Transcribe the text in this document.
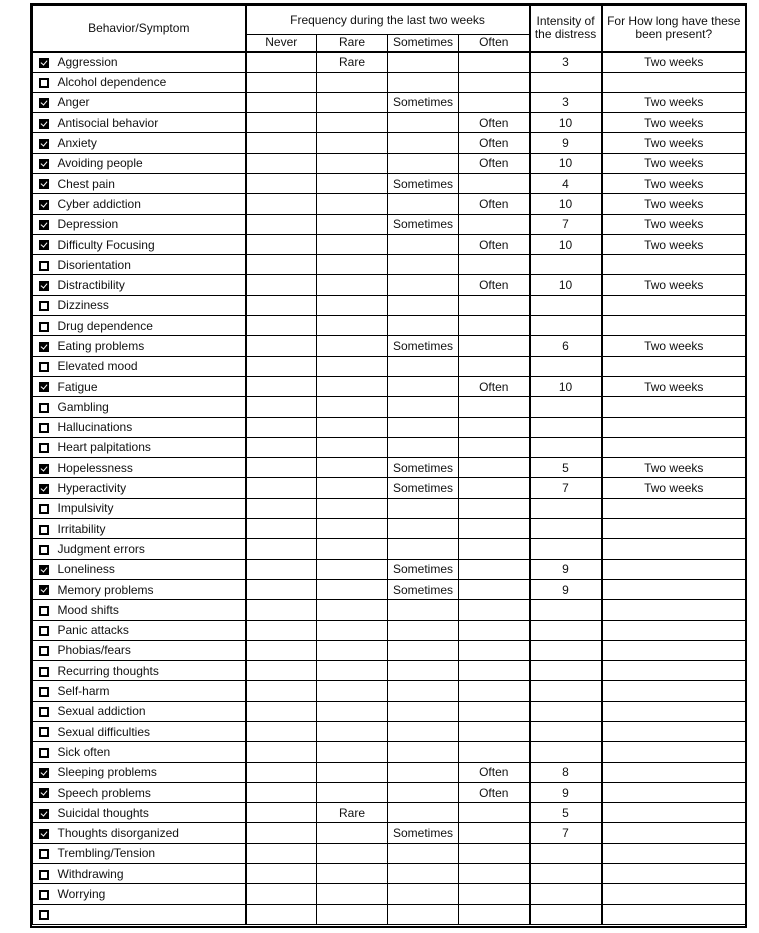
Behavior/Symptom		Frequency during the last two weeks				Intensity of the distress	For How long have these been present?
		Never	Rare	Sometimes	Often		
	Aggression		Rare			3	Two weeks
	Alcohol dependence						
	Anger			Sometimes		3	Two weeks
	Antisocial behavior				Often	10	Two weeks
	Anxiety				Often	9	Two weeks
	Avoiding people				Often	10	Two weeks
	Chest pain			Sometimes		4	Two weeks
	Cyber addiction				Often	10	Two weeks
	Depression			Sometimes		7	Two weeks
	Difficulty Focusing				Often	10	Two weeks
	Disorientation						
	Distractibility				Often	10	Two weeks
	Dizziness						
	Drug dependence						
	Eating problems			Sometimes		6	Two weeks
	Elevated mood						
	Fatigue				Often	10	Two weeks
	Gambling						
	Hallucinations						
	Heart palpitations						
	Hopelessness			Sometimes		5	Two weeks
	Hyperactivity			Sometimes		7	Two weeks
	Impulsivity						
	Irritability						
	Judgment errors						
	Loneliness			Sometimes		9	
	Memory problems			Sometimes		9	
	Mood shifts						
	Panic attacks						
	Phobias/fears						
	Recurring thoughts						
	Self-harm						
	Sexual addiction						
	Sexual difficulties						
	Sick often						
	Sleeping problems				Often	8	
	Speech problems				Often	9	
	Suicidal thoughts		Rare			5	
	Thoughts disorganized			Sometimes		7	
	Trembling/Tension						
	Withdrawing						
	Worrying						
